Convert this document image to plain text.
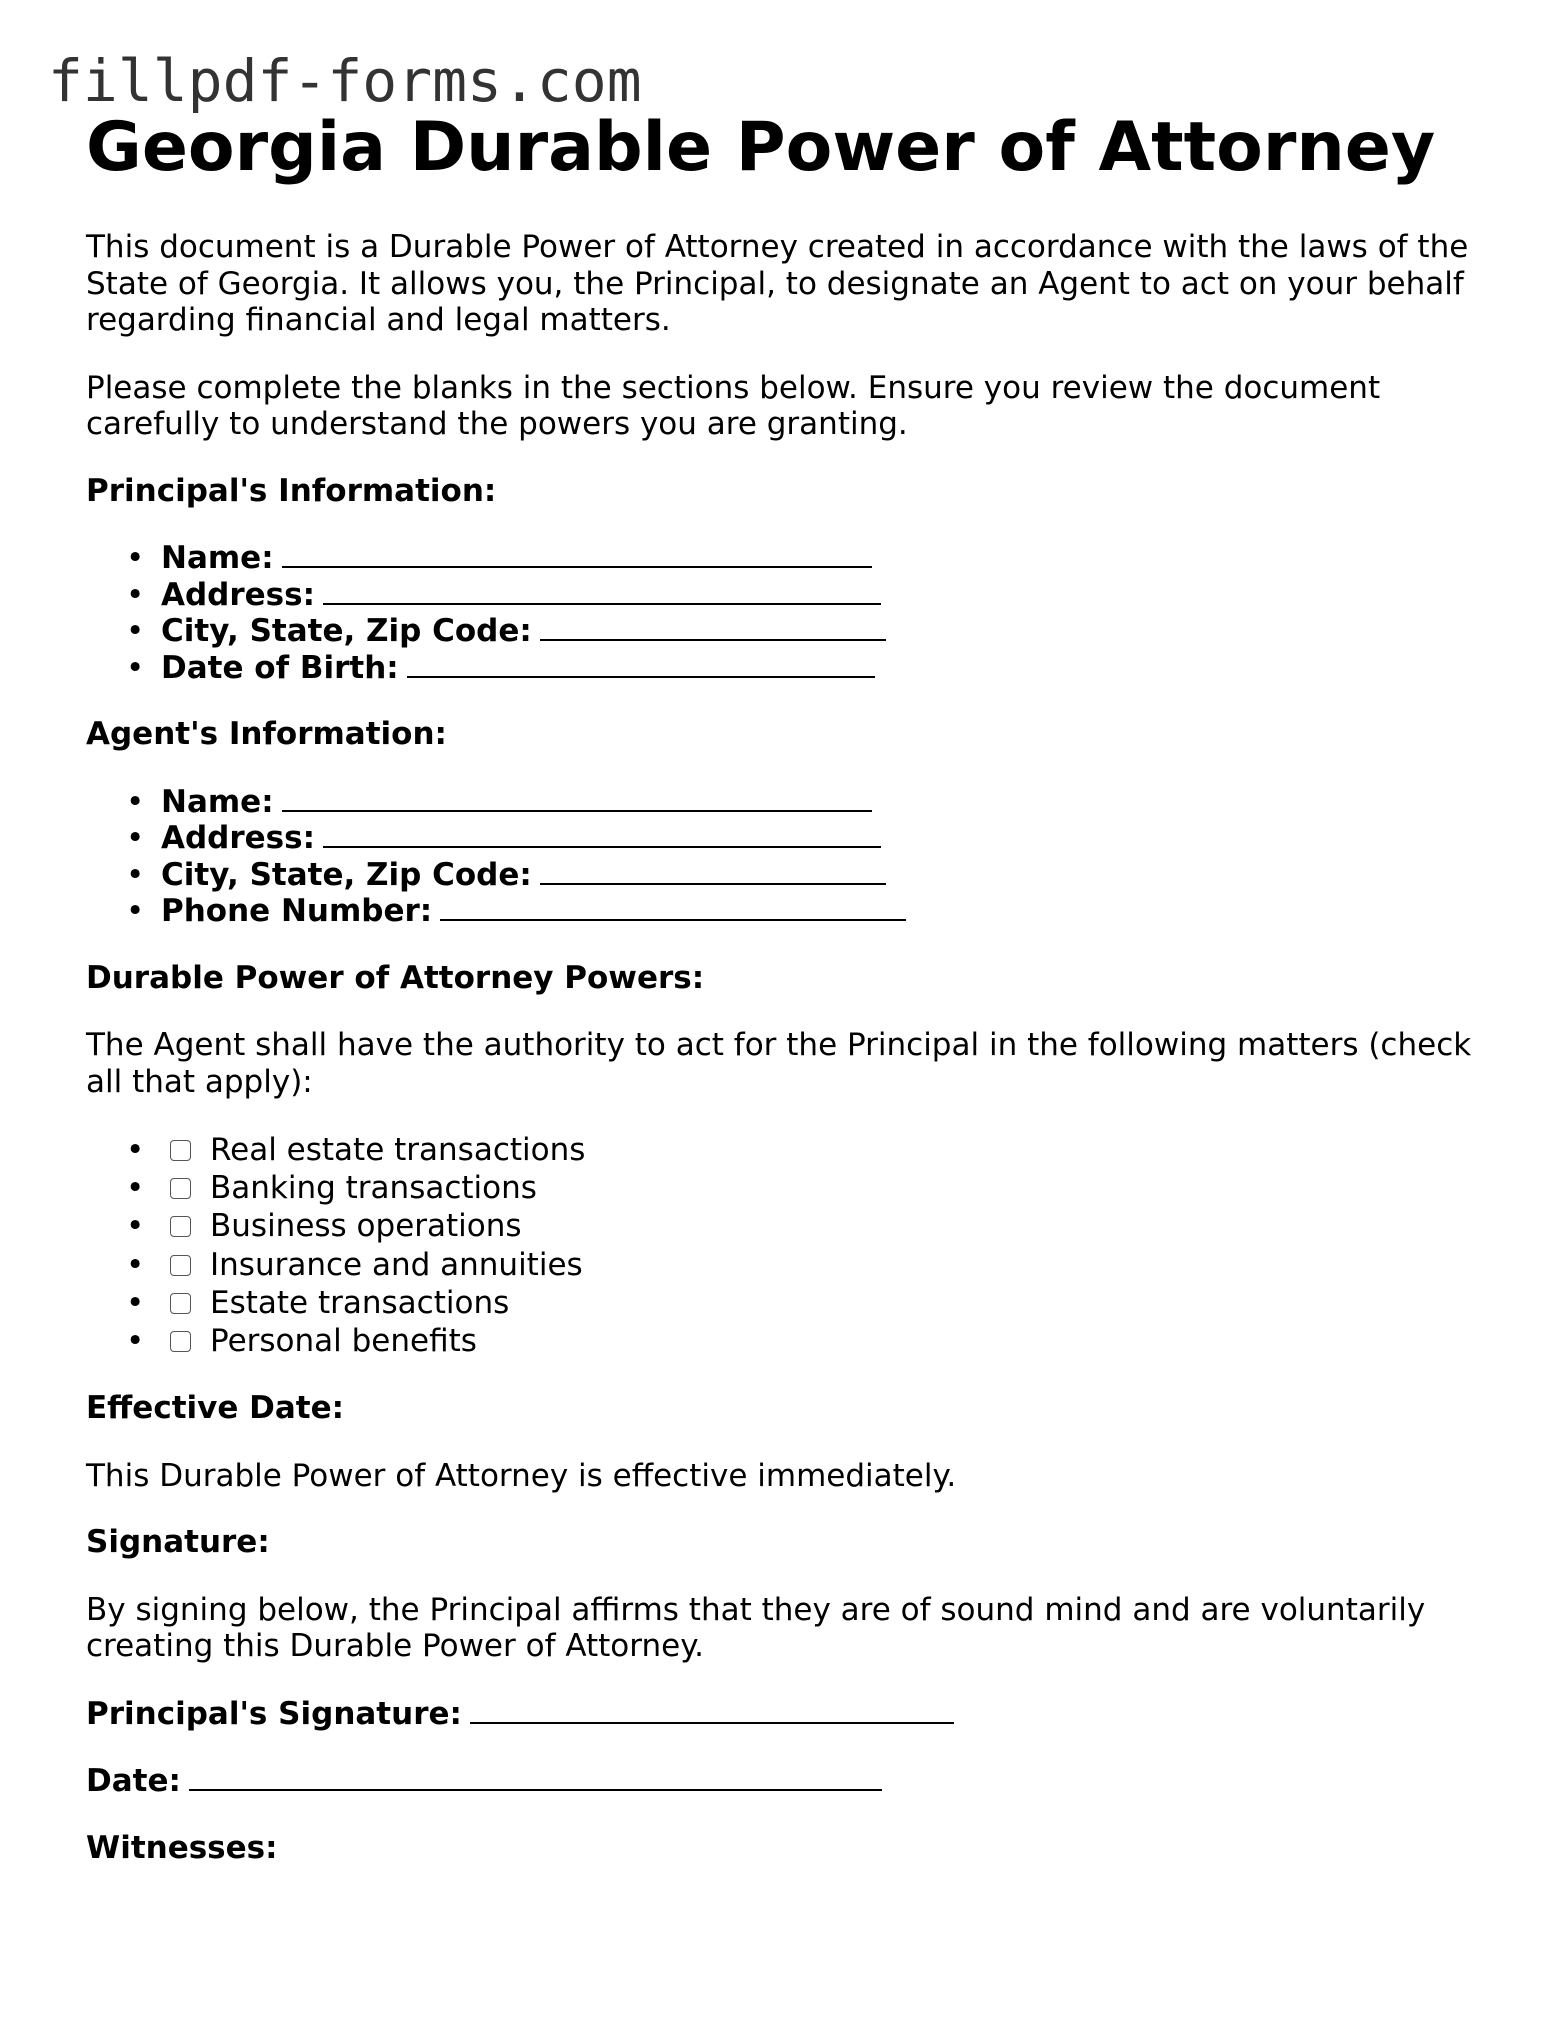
fillpdf-forms.com
Georgia Durable Power of Attorney

This document is a Durable Power of Attorney created in accordance with the laws of the State of Georgia. It allows you, the Principal, to designate an Agent to act on your behalf regarding financial and legal matters.

Please complete the blanks in the sections below. Ensure you review the document carefully to understand the powers you are granting.

Principal's Information:

• Name:
• Address:
• City, State, Zip Code:
• Date of Birth:

Agent's Information:

• Name:
• Address:
• City, State, Zip Code:
• Phone Number:

Durable Power of Attorney Powers:

The Agent shall have the authority to act for the Principal in the following matters (check all that apply):

• Real estate transactions
• Banking transactions
• Business operations
• Insurance and annuities
• Estate transactions
• Personal benefits

Effective Date:

This Durable Power of Attorney is effective immediately.

Signature:

By signing below, the Principal affirms that they are of sound mind and are voluntarily creating this Durable Power of Attorney.

Principal's Signature:

Date:

Witnesses:
